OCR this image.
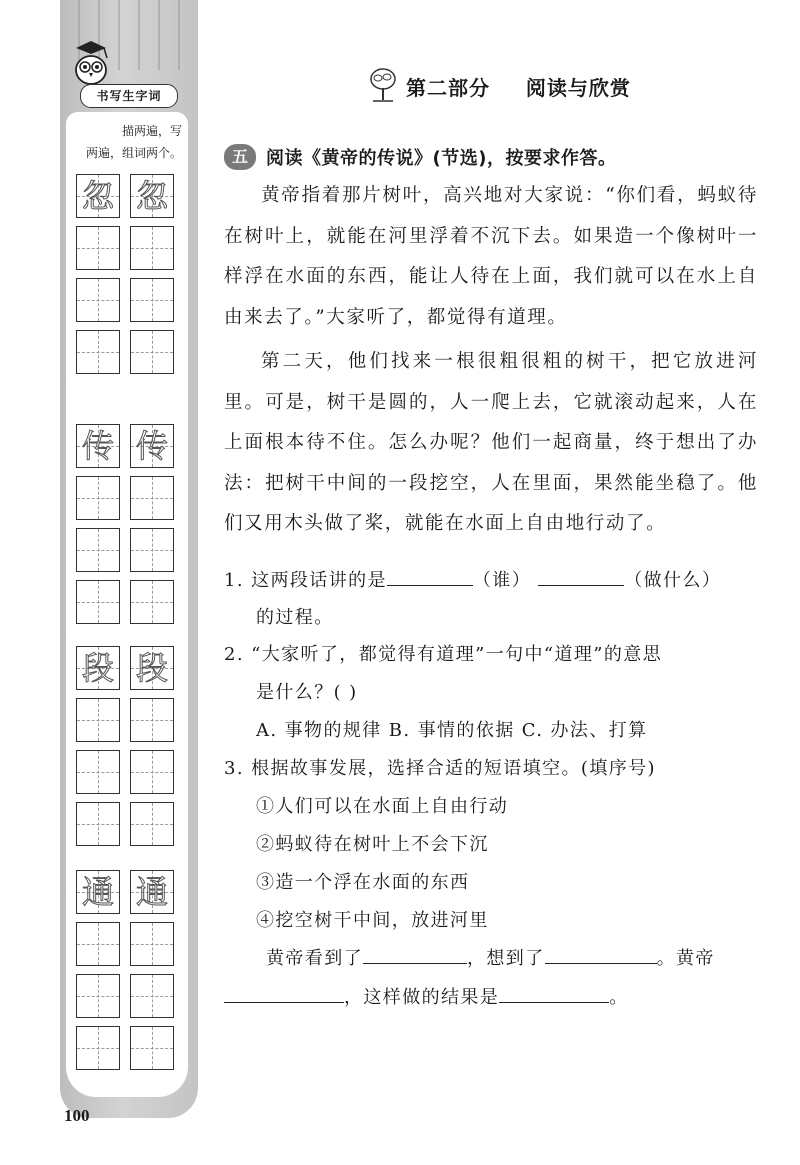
书写生字词
描两遍，写
两遍，组词两个。
忽 忽
传 传
段 段
通 通
100
第二部分  阅读与欣赏
五	阅读《黄帝的传说》(节选)，按要求作答。

黄帝指着那片树叶，高兴地对大家说：“你们看，蚂蚁待在树叶上，就能在河里浮着不沉下去。如果造一个像树叶一样浮在水面的东西，能让人待在上面，我们就可以在水上自由来去了。”大家听了，都觉得有道理。

第二天，他们找来一根很粗很粗的树干，把它放进河里。可是，树干是圆的，人一爬上去，它就滚动起来，人在上面根本待不住。怎么办呢？他们一起商量，终于想出了办法：把树干中间的一段挖空，人在里面，果然能坐稳了。他们又用木头做了桨，就能在水面上自由地行动了。

1. 这两段话讲的是	（谁）	（做什么）
的过程。
2. “大家听了，都觉得有道理”一句中“道理”的意思
是什么？( )
A. 事物的规律 B. 事情的依据 C. 办法、打算
3. 根据故事发展，选择合适的短语填空。(填序号)
①人们可以在水面上自由行动
②蚂蚁待在树叶上不会下沉
③造一个浮在水面的东西
④挖空树干中间，放进河里
黄帝看到了	，想到了	。黄帝
，这样做的结果是	。
